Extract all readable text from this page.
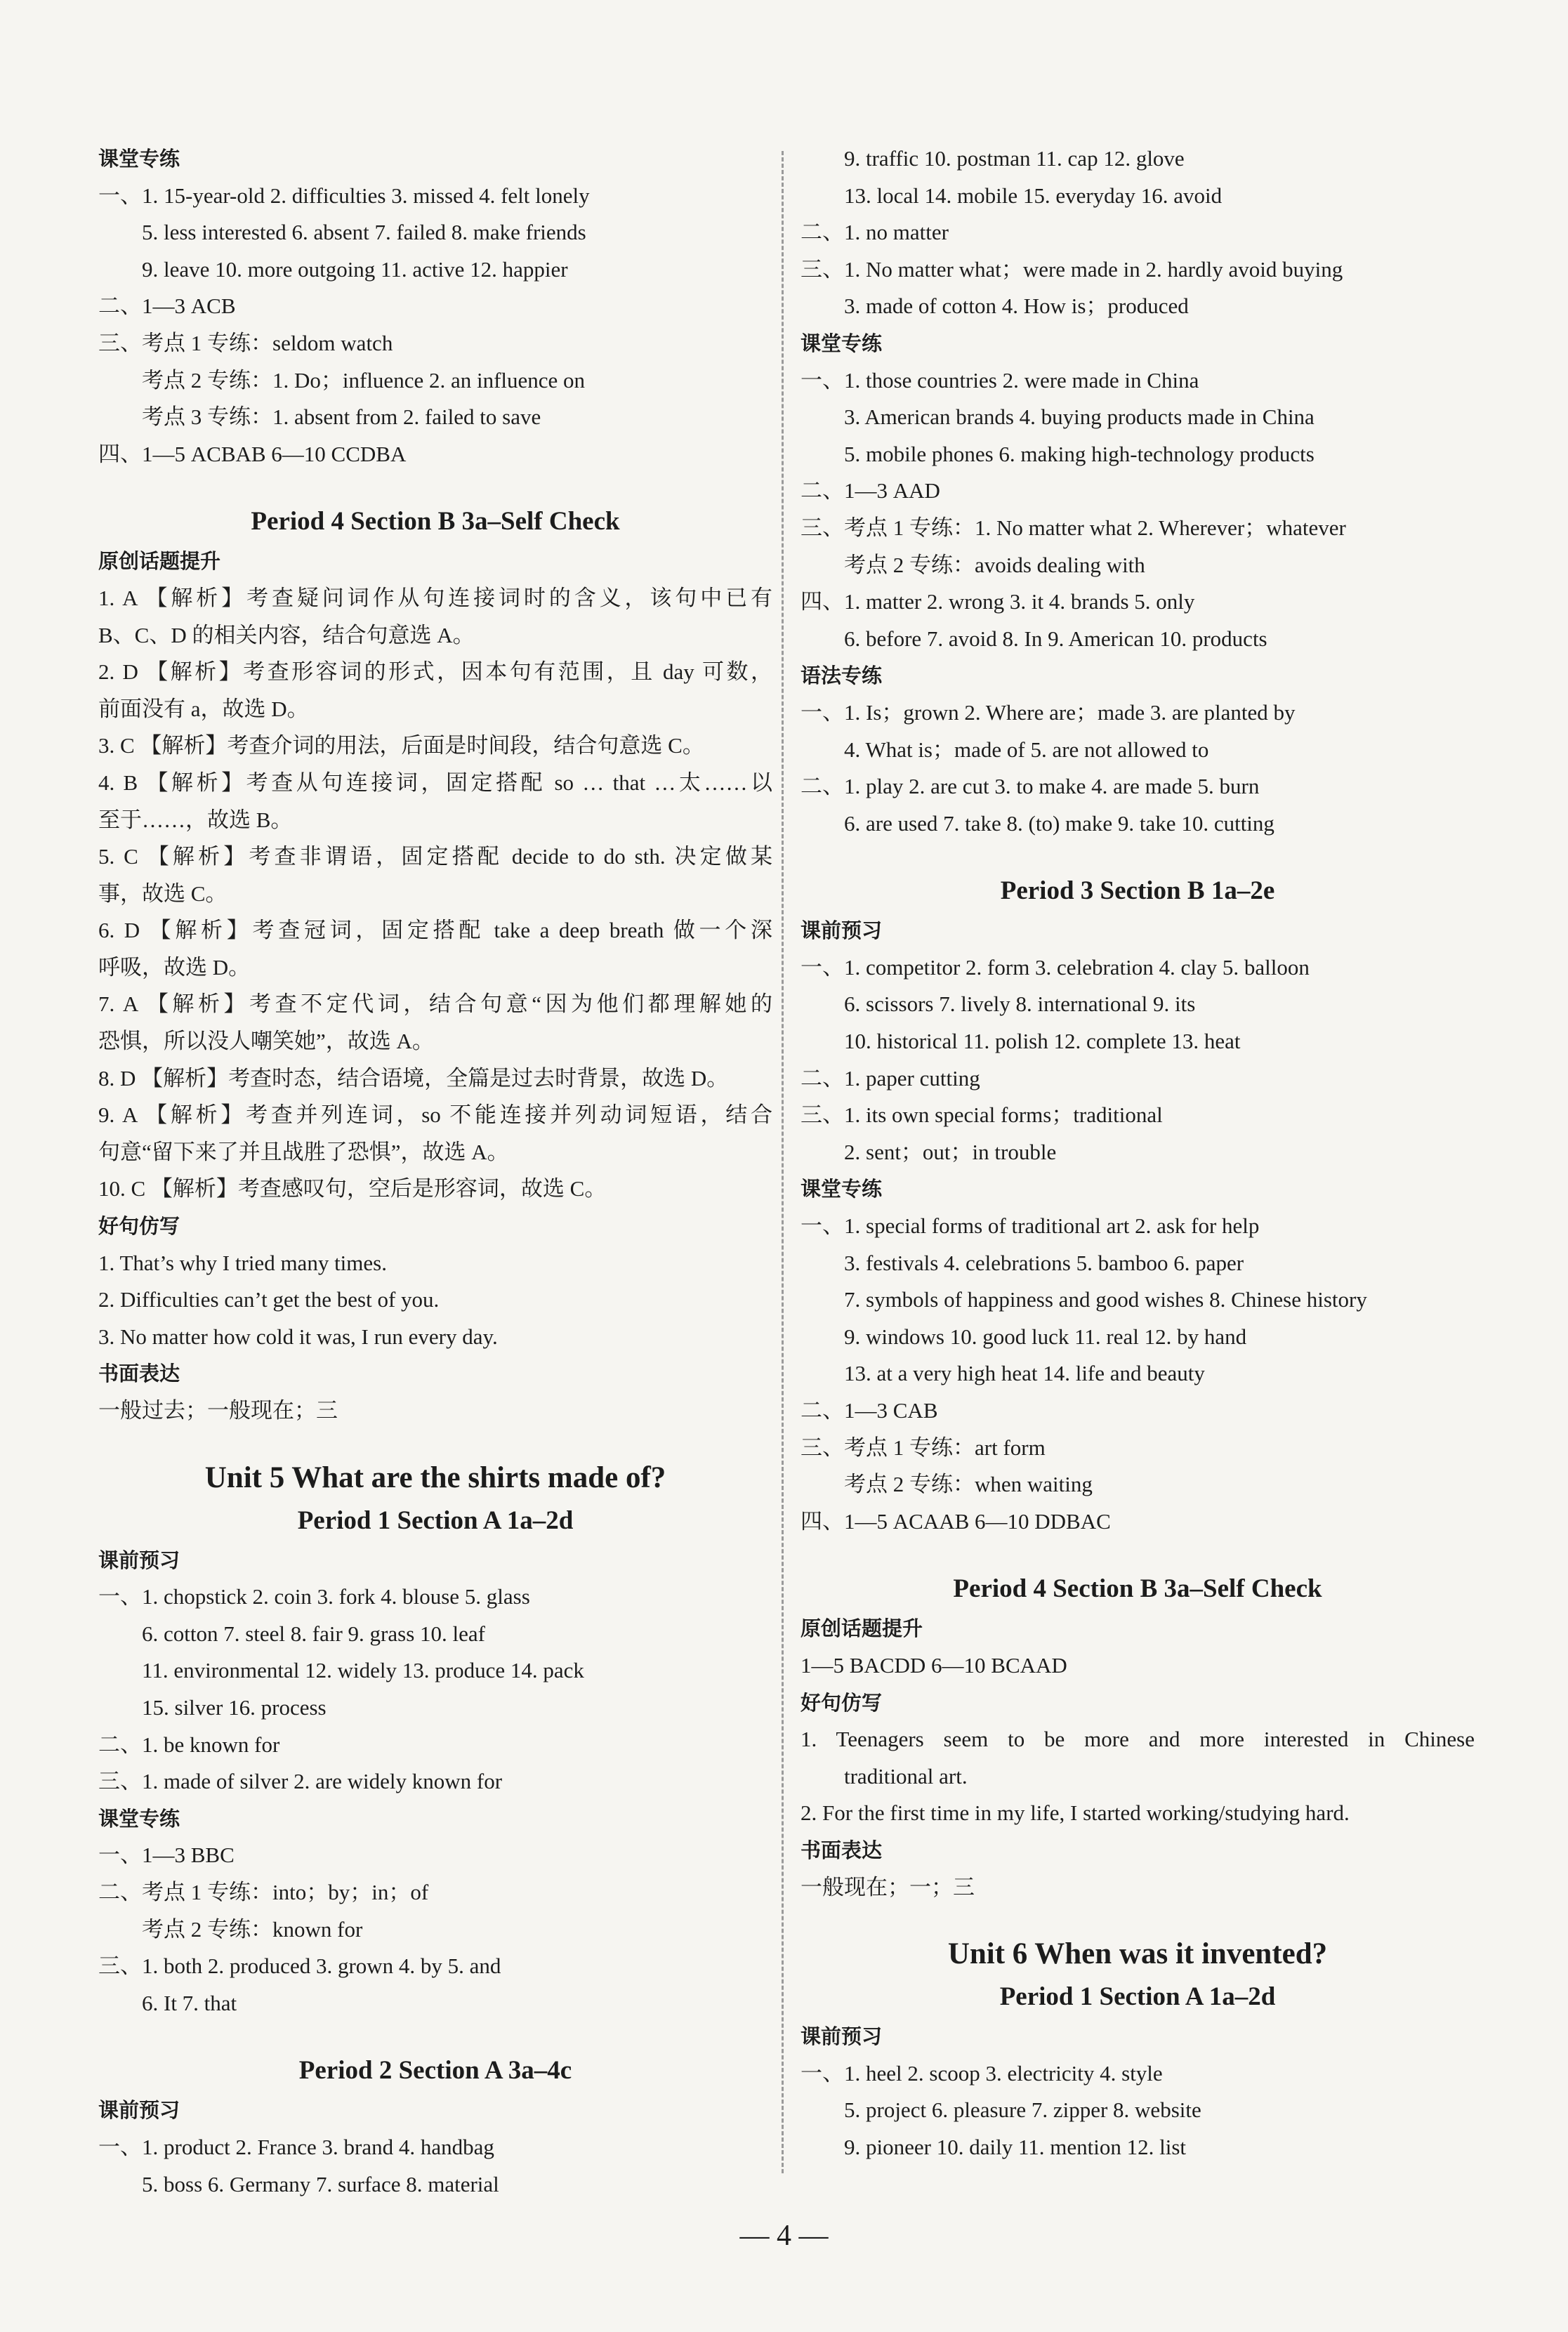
课堂专练
一、1. 15-year-old 2. difficulties 3. missed 4. felt lonely
5. less interested 6. absent 7. failed 8. make friends
9. leave 10. more outgoing 11. active 12. happier
二、1—3 ACB
三、考点 1 专练：seldom watch
考点 2 专练：1. Do；influence 2. an influence on
考点 3 专练：1. absent from 2. failed to save
四、1—5 ACBAB 6—10 CCDBA
Period 4 Section B 3a–Self Check
原创话题提升
1. A 【解析】考查疑问词作从句连接词时的含义，该句中已有
B、C、D 的相关内容，结合句意选 A。
2. D 【解析】考查形容词的形式，因本句有范围，且 day 可数，
前面没有 a，故选 D。
3. C 【解析】考查介词的用法，后面是时间段，结合句意选 C。
4. B 【解析】考查从句连接词，固定搭配 so … that …太……以
至于……，故选 B。
5. C 【解析】考查非谓语，固定搭配 decide to do sth. 决定做某
事，故选 C。
6. D 【解析】考查冠词，固定搭配 take a deep breath 做一个深
呼吸，故选 D。
7. A 【解析】考查不定代词，结合句意“因为他们都理解她的
恐惧，所以没人嘲笑她”，故选 A。
8. D 【解析】考查时态，结合语境，全篇是过去时背景，故选 D。
9. A 【解析】考查并列连词，so 不能连接并列动词短语，结合
句意“留下来了并且战胜了恐惧”，故选 A。
10. C 【解析】考查感叹句，空后是形容词，故选 C。
好句仿写
1. That’s why I tried many times.
2. Difficulties can’t get the best of you.
3. No matter how cold it was, I run every day.
书面表达
一般过去；一般现在；三
Unit 5 What are the shirts made of?
Period 1 Section A 1a–2d
课前预习
一、1. chopstick 2. coin 3. fork 4. blouse 5. glass
6. cotton 7. steel 8. fair 9. grass 10. leaf
11. environmental 12. widely 13. produce 14. pack
15. silver 16. process
二、1. be known for
三、1. made of silver 2. are widely known for
课堂专练
一、1—3 BBC
二、考点 1 专练：into；by；in；of
考点 2 专练：known for
三、1. both 2. produced 3. grown 4. by 5. and
6. It 7. that
Period 2 Section A 3a–4c
课前预习
一、1. product 2. France 3. brand 4. handbag
5. boss 6. Germany 7. surface 8. material
9. traffic 10. postman 11. cap 12. glove
13. local 14. mobile 15. everyday 16. avoid
二、1. no matter
三、1. No matter what；were made in 2. hardly avoid buying
3. made of cotton 4. How is；produced
课堂专练
一、1. those countries 2. were made in China
3. American brands 4. buying products made in China
5. mobile phones 6. making high-technology products
二、1—3 AAD
三、考点 1 专练：1. No matter what 2. Wherever；whatever
考点 2 专练：avoids dealing with
四、1. matter 2. wrong 3. it 4. brands 5. only
6. before 7. avoid 8. In 9. American 10. products
语法专练
一、1. Is；grown 2. Where are；made 3. are planted by
4. What is；made of 5. are not allowed to
二、1. play 2. are cut 3. to make 4. are made 5. burn
6. are used 7. take 8. (to) make 9. take 10. cutting
Period 3 Section B 1a–2e
课前预习
一、1. competitor 2. form 3. celebration 4. clay 5. balloon
6. scissors 7. lively 8. international 9. its
10. historical 11. polish 12. complete 13. heat
二、1. paper cutting
三、1. its own special forms；traditional
2. sent；out；in trouble
课堂专练
一、1. special forms of traditional art 2. ask for help
3. festivals 4. celebrations 5. bamboo 6. paper
7. symbols of happiness and good wishes 8. Chinese history
9. windows 10. good luck 11. real 12. by hand
13. at a very high heat 14. life and beauty
二、1—3 CAB
三、考点 1 专练：art form
考点 2 专练：when waiting
四、1—5 ACAAB 6—10 DDBAC
Period 4 Section B 3a–Self Check
原创话题提升
1—5 BACDD 6—10 BCAAD
好句仿写
1. Teenagers seem to be more and more interested in Chinese
traditional art.
2. For the first time in my life, I started working/studying hard.
书面表达
一般现在；一；三
Unit 6 When was it invented?
Period 1 Section A 1a–2d
课前预习
一、1. heel 2. scoop 3. electricity 4. style
5. project 6. pleasure 7. zipper 8. website
9. pioneer 10. daily 11. mention 12. list
— 4 —
